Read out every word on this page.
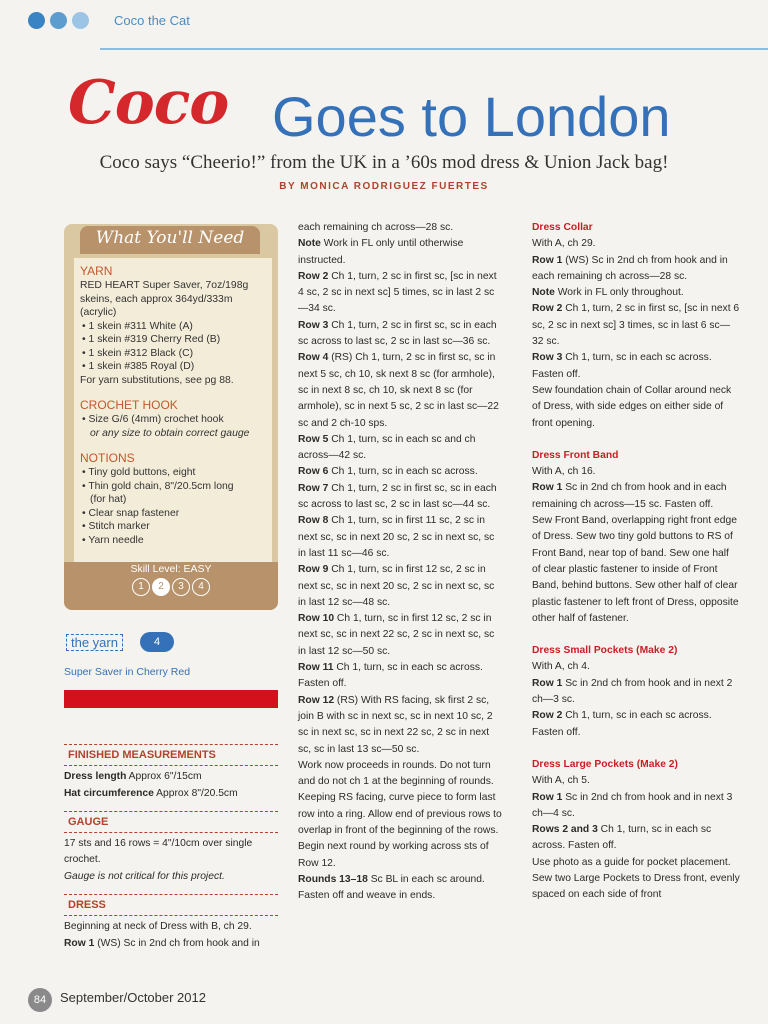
Coco the Cat
Coco Goes to London
Coco says “Cheerio!” from the UK in a ’60s mod dress & Union Jack bag!
BY MONICA RODRIGUEZ FUERTES
What You'll Need
YARN
RED HEART Super Saver, 7oz/198g skeins, each approx 364yd/333m (acrylic)
• 1 skein #311 White (A)
• 1 skein #319 Cherry Red (B)
• 1 skein #312 Black (C)
• 1 skein #385 Royal (D)
For yarn substitutions, see pg 88.
CROCHET HOOK
• Size G/6 (4mm) crochet hook
or any size to obtain correct gauge
NOTIONS
• Tiny gold buttons, eight
• Thin gold chain, 8"/20.5cm long
(for hat)
• Clear snap fastener
• Stitch marker
• Yarn needle
Skill Level: EASY
1	2	3	4
the yarn	4
Super Saver in Cherry Red
FINISHED MEASUREMENTS
Dress length Approx 6"/15cm
Hat circumference Approx 8"/20.5cm
GAUGE
17 sts and 16 rows = 4"/10cm over single crochet.
Gauge is not critical for this project.
DRESS
Beginning at neck of Dress with B, ch 29.
Row 1 (WS) Sc in 2nd ch from hook and in
each remaining ch across—28 sc.
Note Work in FL only until otherwise instructed.
Row 2 Ch 1, turn, 2 sc in first sc, [sc in next 4 sc, 2 sc in next sc] 5 times, sc in last 2 sc—34 sc.
Row 3 Ch 1, turn, 2 sc in first sc, sc in each sc across to last sc, 2 sc in last sc—36 sc.
Row 4 (RS) Ch 1, turn, 2 sc in first sc, sc in next 5 sc, ch 10, sk next 8 sc (for armhole), sc in next 8 sc, ch 10, sk next 8 sc (for armhole), sc in next 5 sc, 2 sc in last sc—22 sc and 2 ch-10 sps.
Row 5 Ch 1, turn, sc in each sc and ch across—42 sc.
Row 6 Ch 1, turn, sc in each sc across.
Row 7 Ch 1, turn, 2 sc in first sc, sc in each sc across to last sc, 2 sc in last sc—44 sc.
Row 8 Ch 1, turn, sc in first 11 sc, 2 sc in next sc, sc in next 20 sc, 2 sc in next sc, sc in last 11 sc—46 sc.
Row 9 Ch 1, turn, sc in first 12 sc, 2 sc in next sc, sc in next 20 sc, 2 sc in next sc, sc in last 12 sc—48 sc.
Row 10 Ch 1, turn, sc in first 12 sc, 2 sc in next sc, sc in next 22 sc, 2 sc in next sc, sc in last 12 sc—50 sc.
Row 11 Ch 1, turn, sc in each sc across. Fasten off.
Row 12 (RS) With RS facing, sk first 2 sc, join B with sc in next sc, sc in next 10 sc, 2 sc in next sc, sc in next 22 sc, 2 sc in next sc, sc in last 13 sc—50 sc.
Work now proceeds in rounds. Do not turn and do not ch 1 at the beginning of rounds. Keeping RS facing, curve piece to form last row into a ring. Allow end of previous rows to overlap in front of the beginning of the rows. Begin next round by working across sts of Row 12.
Rounds 13–18 Sc BL in each sc around. Fasten off and weave in ends.
Dress Collar
With A, ch 29.
Row 1 (WS) Sc in 2nd ch from hook and in each remaining ch across—28 sc.
Note Work in FL only throughout.
Row 2 Ch 1, turn, 2 sc in first sc, [sc in next 6 sc, 2 sc in next sc] 3 times, sc in last 6 sc—32 sc.
Row 3 Ch 1, turn, sc in each sc across. Fasten off.
Sew foundation chain of Collar around neck of Dress, with side edges on either side of front opening.
Dress Front Band
With A, ch 16.
Row 1 Sc in 2nd ch from hook and in each remaining ch across—15 sc. Fasten off.
Sew Front Band, overlapping right front edge of Dress. Sew two tiny gold buttons to RS of Front Band, near top of band. Sew one half of clear plastic fastener to inside of Front Band, behind buttons. Sew other half of clear plastic fastener to left front of Dress, opposite other half of fastener.
Dress Small Pockets (Make 2)
With A, ch 4.
Row 1 Sc in 2nd ch from hook and in next 2 ch—3 sc.
Row 2 Ch 1, turn, sc in each sc across. Fasten off.
Dress Large Pockets (Make 2)
With A, ch 5.
Row 1 Sc in 2nd ch from hook and in next 3 ch—4 sc.
Rows 2 and 3 Ch 1, turn, sc in each sc across. Fasten off.
Use photo as a guide for pocket placement. Sew two Large Pockets to Dress front, evenly spaced on each side of front
84	September/October 2012
